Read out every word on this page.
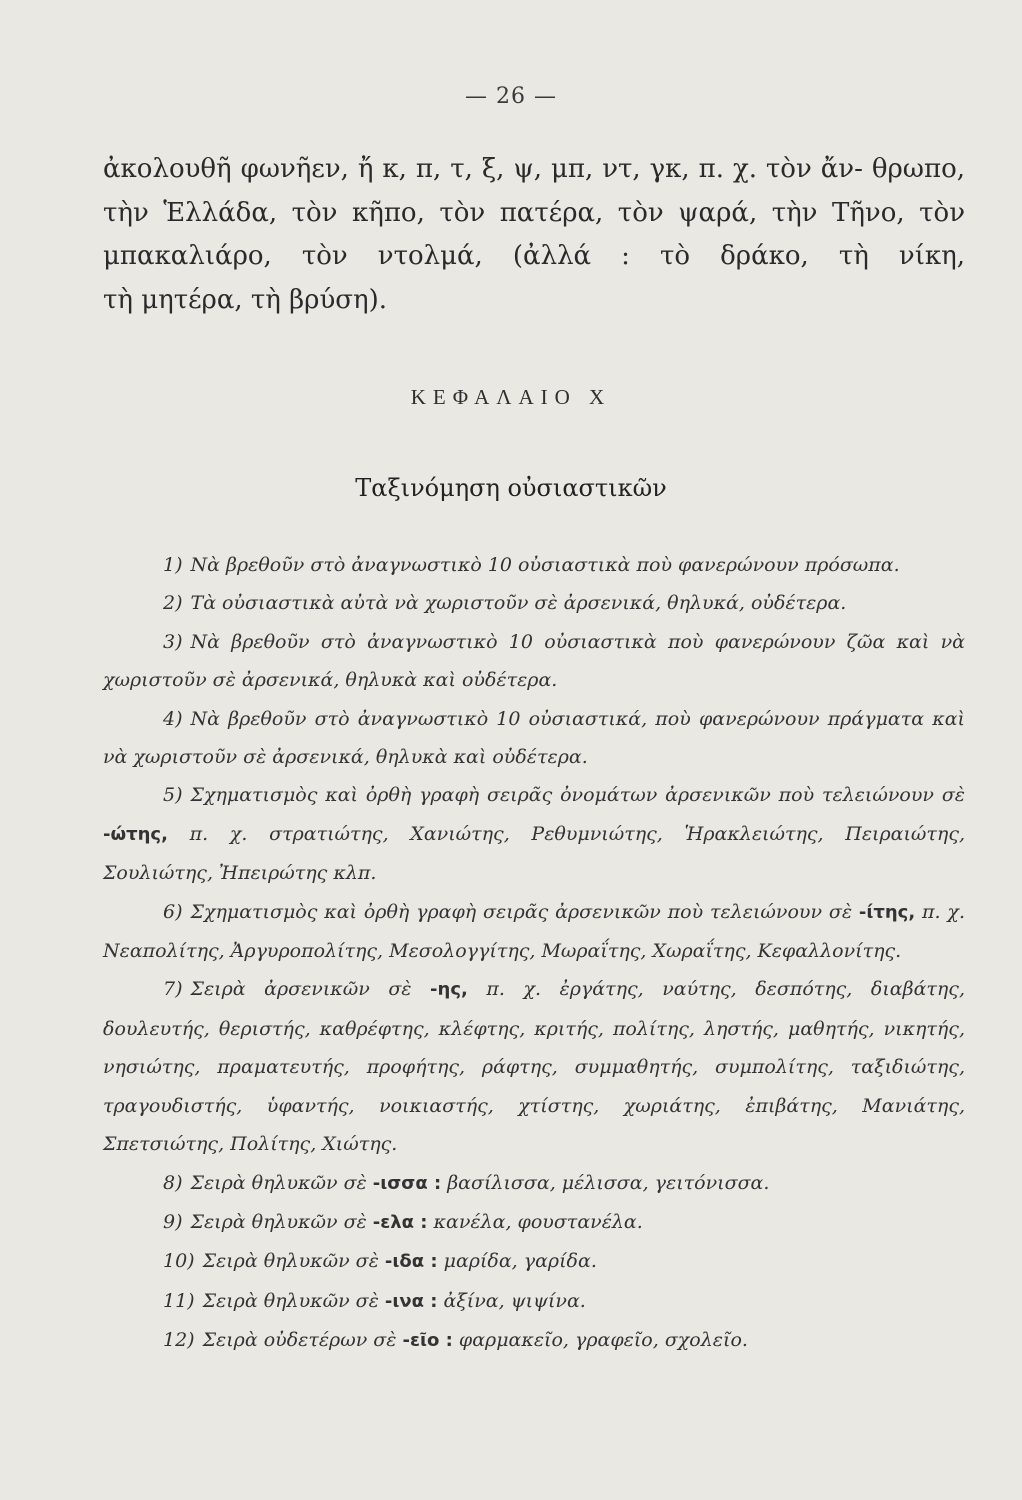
— 26 —
ἀκολουθῆ φωνῆεν, ἤ κ, π, τ, ξ, ψ, μπ, ντ, γκ, π. χ. τὸν ἄν- θρωπο, τὴν Ἑλλάδα, τὸν κῆπο, τὸν πατέρα, τὸν ψαρά, τὴν Τῆνο, τὸν μπακαλιάρο, τὸν ντολμά, (ἀλλά : τὸ δράκο, τὴ νίκη,
τὴ μητέρα, τὴ βρύση).
ΚΕΦΑΛΑΙΟ Χ
Ταξινόμηση οὐσιαστικῶν

1) Νὰ βρεθοῦν στὸ ἀναγνωστικὸ 10 οὐσιαστικὰ ποὺ φανερώνουν πρόσωπα.

2) Τὰ οὐσιαστικὰ αὐτὰ νὰ χωριστοῦν σὲ ἀρσενικά, θηλυκά, οὐδέτερα.

3) Νὰ βρεθοῦν στὸ ἀναγνωστικὸ 10 οὐσιαστικὰ ποὺ φανερώνουν ζῶα καὶ νὰ χωριστοῦν σὲ ἀρσενικά, θηλυκὰ καὶ οὐδέτερα.

4) Νὰ βρεθοῦν στὸ ἀναγνωστικὸ 10 οὐσιαστικά, ποὺ φανερώνουν πράγματα καὶ νὰ χωριστοῦν σὲ ἀρσενικά, θηλυκὰ καὶ οὐδέτερα.

5) Σχηματισμὸς καὶ ὀρθὴ γραφὴ σειρᾶς ὀνομάτων ἀρσενικῶν ποὺ τελειώνουν σὲ -ώτης, π. χ. στρατιώτης, Χανιώτης, Ρεθυμνιώτης, Ἡρακλειώτης, Πειραιώτης, Σουλιώτης, Ἠπειρώτης κλπ.

6) Σχηματισμὸς καὶ ὀρθὴ γραφὴ σειρᾶς ἀρσενικῶν ποὺ τελειώνουν σὲ -ίτης, π. χ. Νεαπολίτης, Ἀργυροπολίτης, Μεσολογγίτης, Μωραΐτης, Χωραΐτης, Κεφαλλονίτης.

7) Σειρὰ ἀρσενικῶν σὲ -ης, π. χ. ἐργάτης, ναύτης, δεσπότης, διαβάτης, δουλευτής, θεριστής, καθρέφτης, κλέφτης, κριτής, πολίτης, ληστής, μαθητής, νικητής, νησιώτης, πραματευτής, προφήτης, ράφτης, συμμαθητής, συμπολίτης, ταξιδιώτης, τραγουδιστής, ὑφαντής, νοικιαστής, χτίστης, χωριάτης, ἐπιβάτης, Μανιάτης, Σπετσιώτης, Πολίτης, Χιώτης.

8) Σειρὰ θηλυκῶν σὲ -ισσα : βασίλισσα, μέλισσα, γειτόνισσα.

9) Σειρὰ θηλυκῶν σὲ -ελα : κανέλα, φουστανέλα.

10) Σειρὰ θηλυκῶν σὲ -ιδα : μαρίδα, γαρίδα.

11) Σειρὰ θηλυκῶν σὲ -ινα : ἀξίνα, ψιψίνα.

12) Σειρὰ οὐδετέρων σὲ -εῖο : φαρμακεῖο, γραφεῖο, σχολεῖο.
